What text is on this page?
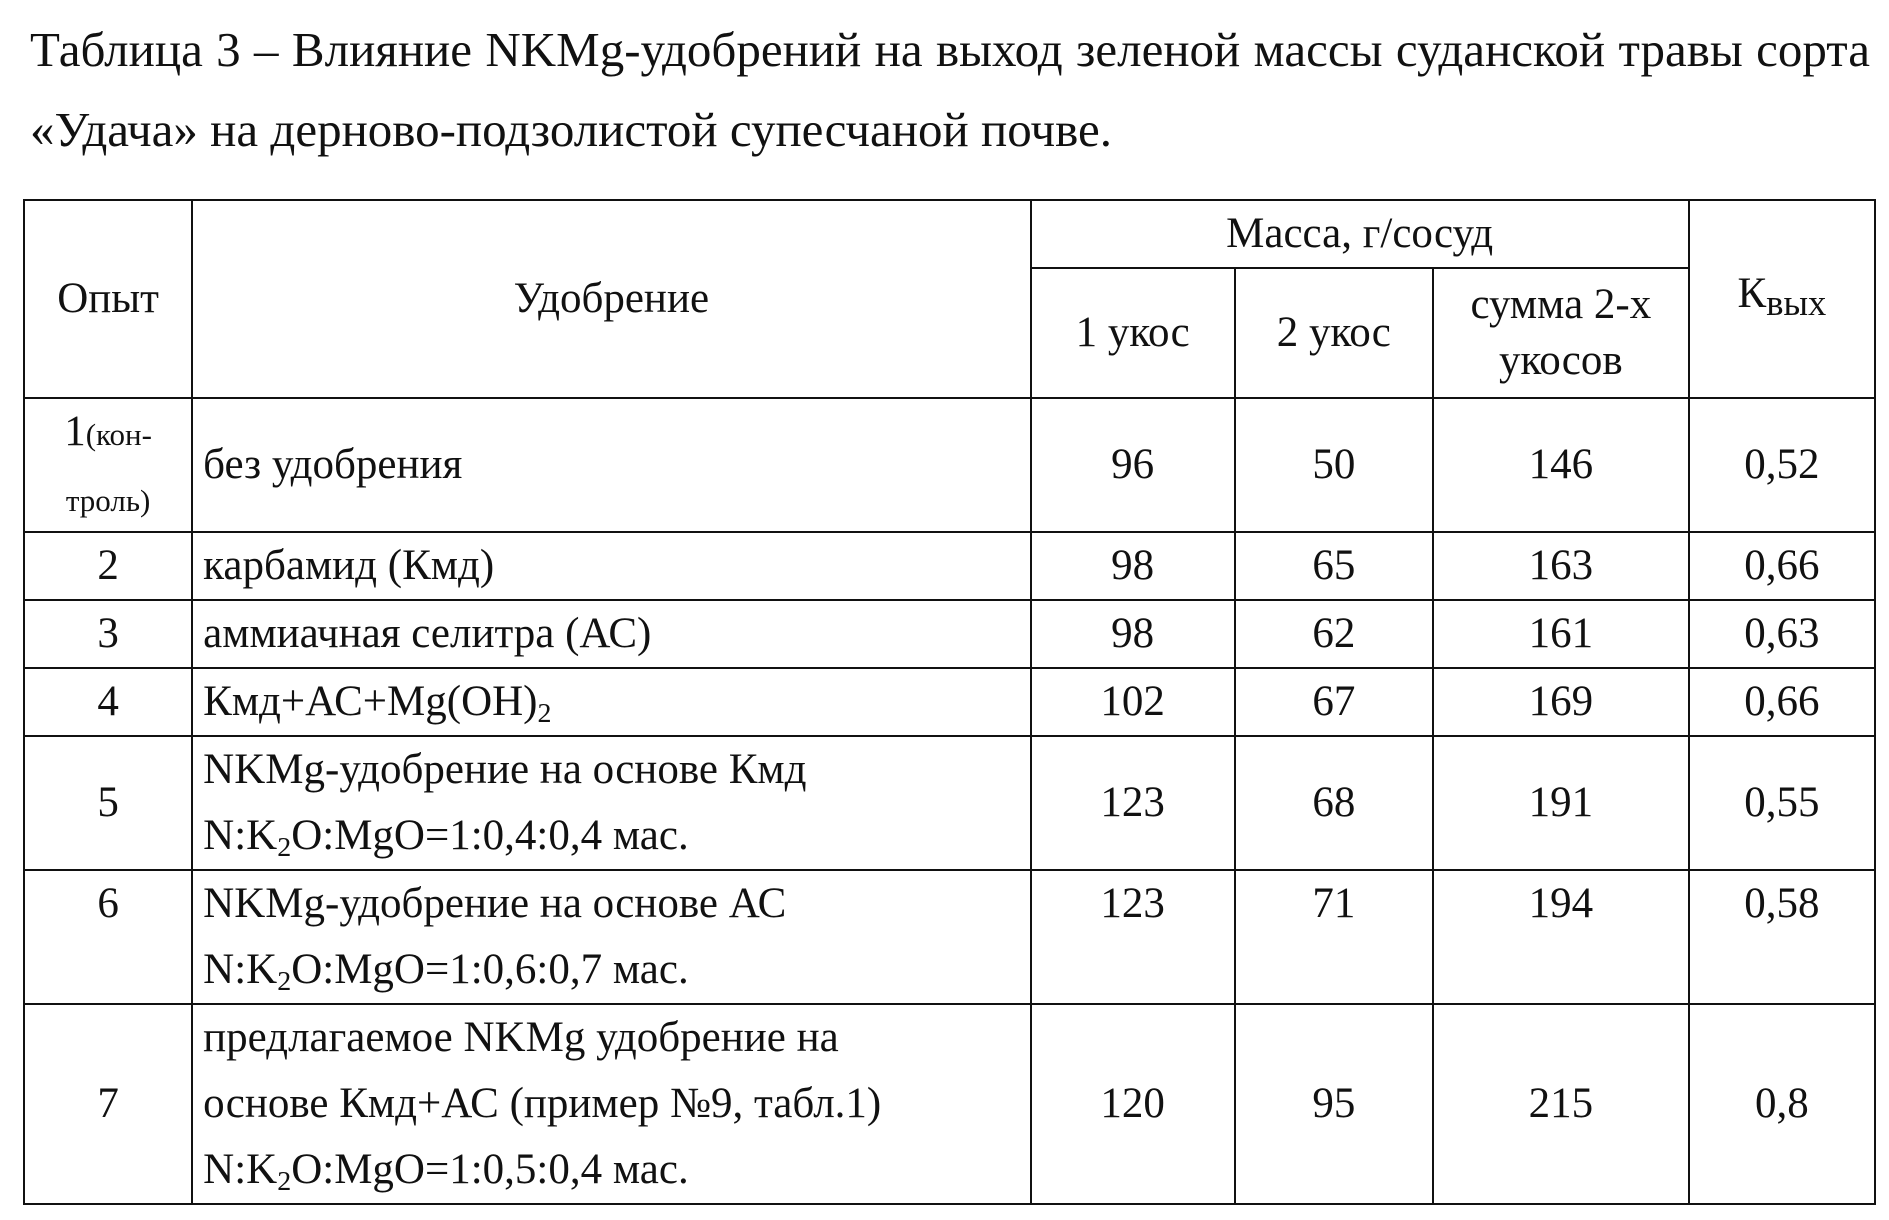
Таблица 3 – Влияние NKMg-удобрений на выход зеленой массы суданской травы сорта «Удача» на дерново-подзолистой супесчаной почве.

Опыт	Удобрение	Масса, г/сосуд			Квых
		1 укос	2 укос	сумма 2-х укосов	
1(кон-
троль)	без удобрения	96	50	146	0,52
2	карбамид (Кмд)	98	65	163	0,66
3	аммиачная селитра (АС)	98	62	161	0,63
4	$Кмд+АС+Mg(OH)_2$	102	67	169	0,66
5	NKMg-удобрение на основе Кмд
$N:K_2O:MgO=1:0,4:0,4$ мас.	123	68	191	0,55
6	NKMg-удобрение на основе АС
$N:K_2O:MgO=1:0,6:0,7$ мас.	123	71	194	0,58
7	предлагаемое NKMg удобрение на
основе Кмд+АС (пример №9, табл.1)
$N:K_2O:MgO=1:0,5:0,4$ мас.	120	95	215	0,8
